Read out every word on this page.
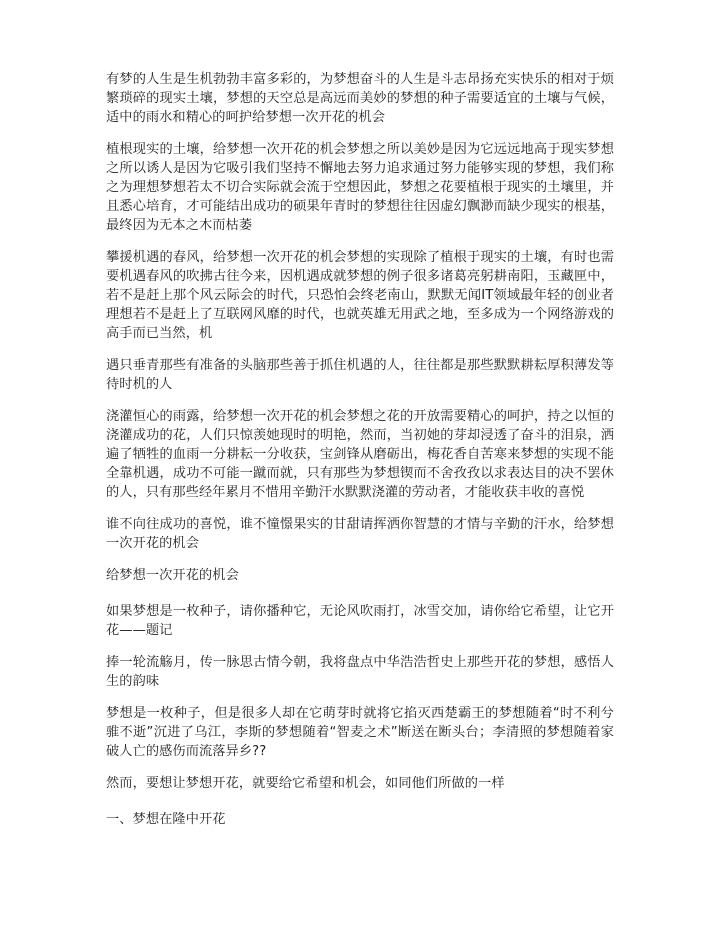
有梦的人生是生机勃勃丰富多彩的，为梦想奋斗的人生是斗志昂扬充实快乐的相对于烦繁琐碎的现实土壤，梦想的天空总是高远而美妙的梦想的种子需要适宜的土壤与气候，适中的雨水和精心的呵护给梦想一次开花的机会

植根现实的土壤，给梦想一次开花的机会梦想之所以美妙是因为它远远地高于现实梦想之所以诱人是因为它吸引我们坚持不懈地去努力追求通过努力能够实现的梦想，我们称之为理想梦想若太不切合实际就会流于空想因此，梦想之花要植根于现实的土壤里，并且悉心培育，才可能结出成功的硕果年青时的梦想往往因虚幻飘渺而缺少现实的根基，最终因为无本之木而枯萎

攀援机遇的春风，给梦想一次开花的机会梦想的实现除了植根于现实的土壤，有时也需要机遇春风的吹拂古往今来，因机遇成就梦想的例子很多诸葛亮躬耕南阳，玉藏匣中，若不是赶上那个风云际会的时代，只恐怕会终老南山，默默无闻IT领域最年轻的创业者理想若不是赶上了互联网风靡的时代，也就英雄无用武之地，至多成为一个网络游戏的高手而已当然，机

遇只垂青那些有准备的头脑那些善于抓住机遇的人，往往都是那些默默耕耘厚积薄发等待时机的人

浇灌恒心的雨露，给梦想一次开花的机会梦想之花的开放需要精心的呵护，持之以恒的浇灌成功的花，人们只惊羡她现时的明艳，然而，当初她的芽却浸透了奋斗的泪泉，洒遍了牺牲的血雨一分耕耘一分收获，宝剑锋从磨砺出，梅花香自苦寒来梦想的实现不能全靠机遇，成功不可能一蹴而就，只有那些为梦想锲而不舍孜孜以求表达目的决不罢休的人，只有那些经年累月不惜用辛勤汗水默默浇灌的劳动者，才能收获丰收的喜悦

谁不向往成功的喜悦，谁不憧憬果实的甘甜请挥洒你智慧的才情与辛勤的汗水，给梦想一次开花的机会

给梦想一次开花的机会

如果梦想是一枚种子，请你播种它，无论风吹雨打，冰雪交加，请你给它希望，让它开花——题记

捧一轮流觞月，传一脉思古情今朝，我将盘点中华浩浩哲史上那些开花的梦想，感悟人生的韵味

梦想是一枚种子，但是很多人却在它萌芽时就将它掐灭西楚霸王的梦想随着“时不利兮骓不逝”沉进了乌江，李斯的梦想随着“智麦之术”断送在断头台；李清照的梦想随着家破人亡的感伤而流落异乡??

然而，要想让梦想开花，就要给它希望和机会，如同他们所做的一样

一、梦想在隆中开花
